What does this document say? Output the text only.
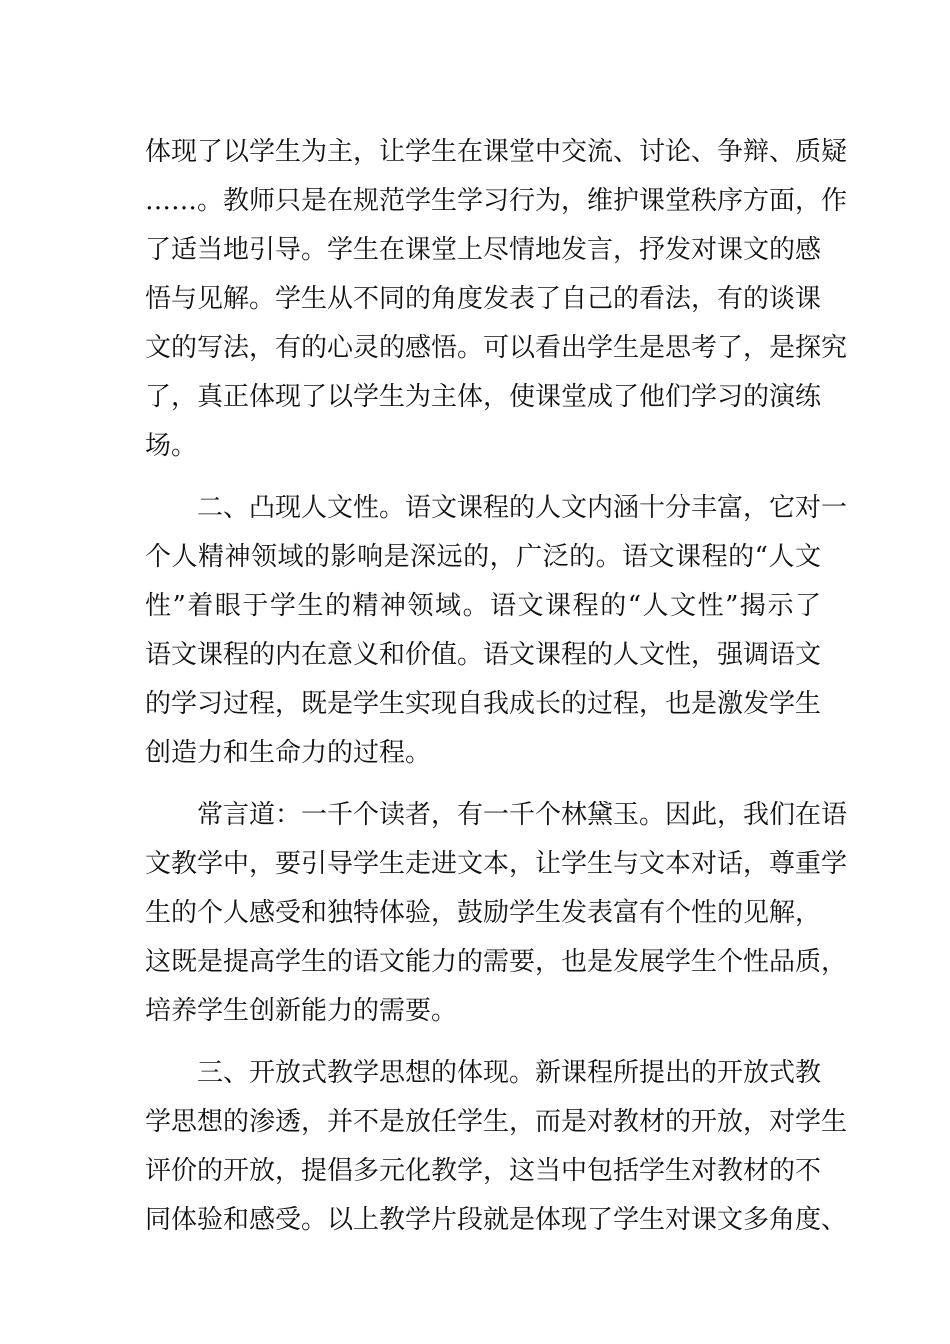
体现了以学生为主，让学生在课堂中交流、讨论、争辩、质疑
……。教师只是在规范学生学习行为，维护课堂秩序方面，作
了适当地引导。学生在课堂上尽情地发言，抒发对课文的感
悟与见解。学生从不同的角度发表了自己的看法，有的谈课
文的写法，有的心灵的感悟。可以看出学生是思考了，是探究
了，真正体现了以学生为主体，使课堂成了他们学习的演练
场。
二、凸现人文性。语文课程的人文内涵十分丰富，它对一
个人精神领域的影响是深远的，广泛的。语文课程的“人文
性”着眼于学生的精神领域。语文课程的“人文性”揭示了
语文课程的内在意义和价值。语文课程的人文性，强调语文
的学习过程，既是学生实现自我成长的过程，也是激发学生
创造力和生命力的过程。
常言道：一千个读者，有一千个林黛玉。因此，我们在语
文教学中，要引导学生走进文本，让学生与文本对话，尊重学
生的个人感受和独特体验，鼓励学生发表富有个性的见解，
这既是提高学生的语文能力的需要，也是发展学生个性品质，
培养学生创新能力的需要。
三、开放式教学思想的体现。新课程所提出的开放式教
学思想的渗透，并不是放任学生，而是对教材的开放，对学生
评价的开放，提倡多元化教学，这当中包括学生对教材的不
同体验和感受。以上教学片段就是体现了学生对课文多角度、
